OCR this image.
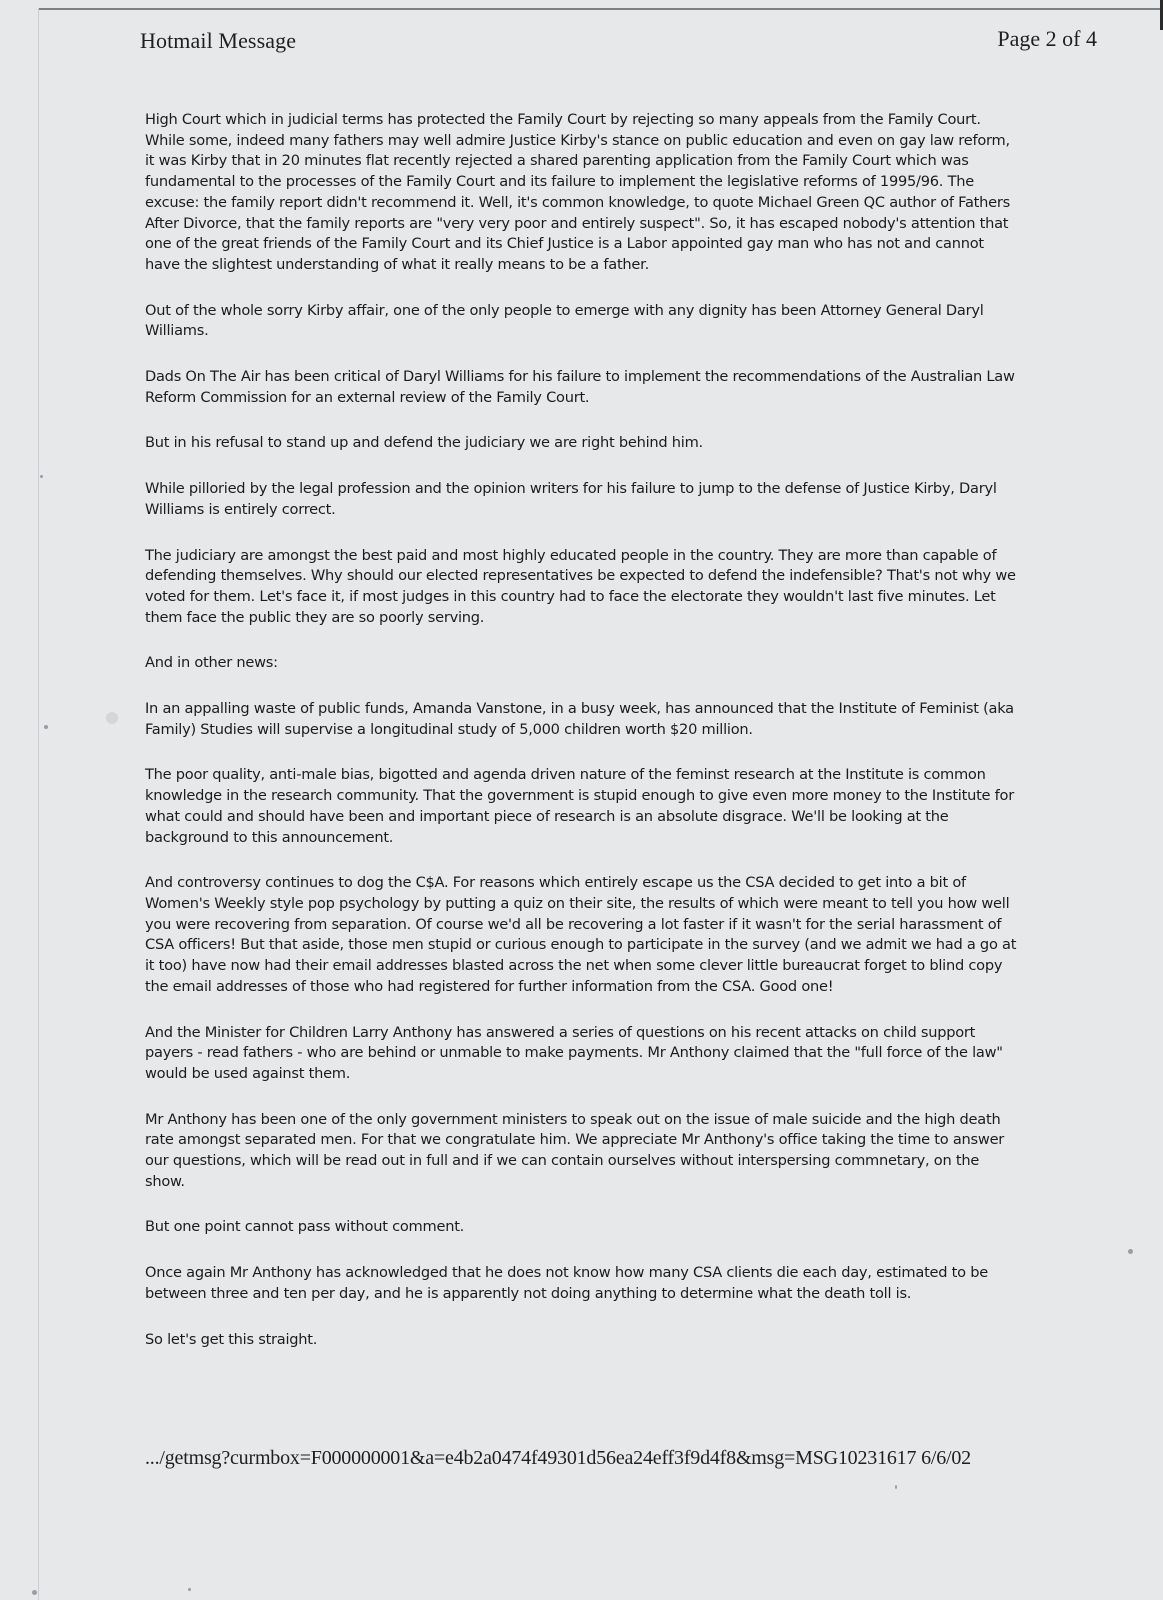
Hotmail Message	Page 2 of 4

High Court which in judicial terms has protected the Family Court by rejecting so many appeals from the Family Court. While some, indeed many fathers may well admire Justice Kirby's stance on public education and even on gay law reform, it was Kirby that in 20 minutes flat recently rejected a shared parenting application from the Family Court which was fundamental to the processes of the Family Court and its failure to implement the legislative reforms of 1995/96. The excuse: the family report didn't recommend it. Well, it's common knowledge, to quote Michael Green QC author of Fathers After Divorce, that the family reports are "very very poor and entirely suspect". So, it has escaped nobody's attention that one of the great friends of the Family Court and its Chief Justice is a Labor appointed gay man who has not and cannot have the slightest understanding of what it really means to be a father.

Out of the whole sorry Kirby affair, one of the only people to emerge with any dignity has been Attorney General Daryl Williams.

Dads On The Air has been critical of Daryl Williams for his failure to implement the recommendations of the Australian Law Reform Commission for an external review of the Family Court.

But in his refusal to stand up and defend the judiciary we are right behind him.

While pilloried by the legal profession and the opinion writers for his failure to jump to the defense of Justice Kirby, Daryl Williams is entirely correct.

The judiciary are amongst the best paid and most highly educated people in the country. They are more than capable of defending themselves. Why should our elected representatives be expected to defend the indefensible? That's not why we voted for them. Let's face it, if most judges in this country had to face the electorate they wouldn't last five minutes. Let them face the public they are so poorly serving.

And in other news:

In an appalling waste of public funds, Amanda Vanstone, in a busy week, has announced that the Institute of Feminist (aka Family) Studies will supervise a longitudinal study of 5,000 children worth $20 million.

The poor quality, anti-male bias, bigotted and agenda driven nature of the feminst research at the Institute is common knowledge in the research community. That the government is stupid enough to give even more money to the Institute for what could and should have been and important piece of research is an absolute disgrace. We'll be looking at the background to this announcement.

And controversy continues to dog the C$A. For reasons which entirely escape us the CSA decided to get into a bit of Women's Weekly style pop psychology by putting a quiz on their site, the results of which were meant to tell you how well you were recovering from separation. Of course we'd all be recovering a lot faster if it wasn't for the serial harassment of CSA officers! But that aside, those men stupid or curious enough to participate in the survey (and we admit we had a go at it too) have now had their email addresses blasted across the net when some clever little bureaucrat forget to blind copy the email addresses of those who had registered for further information from the CSA. Good one!

And the Minister for Children Larry Anthony has answered a series of questions on his recent attacks on child support payers - read fathers - who are behind or unmable to make payments. Mr Anthony claimed that the "full force of the law" would be used against them.

Mr Anthony has been one of the only government ministers to speak out on the issue of male suicide and the high death rate amongst separated men. For that we congratulate him. We appreciate Mr Anthony's office taking the time to answer our questions, which will be read out in full and if we can contain ourselves without interspersing commnetary, on the show.

But one point cannot pass without comment.

Once again Mr Anthony has acknowledged that he does not know how many CSA clients die each day, estimated to be between three and ten per day, and he is apparently not doing anything to determine what the death toll is.

So let's get this straight.

.../getmsg?curmbox=F000000001&a=e4b2a0474f49301d56ea24eff3f9d4f8&msg=MSG1023161​7 6/6/02
